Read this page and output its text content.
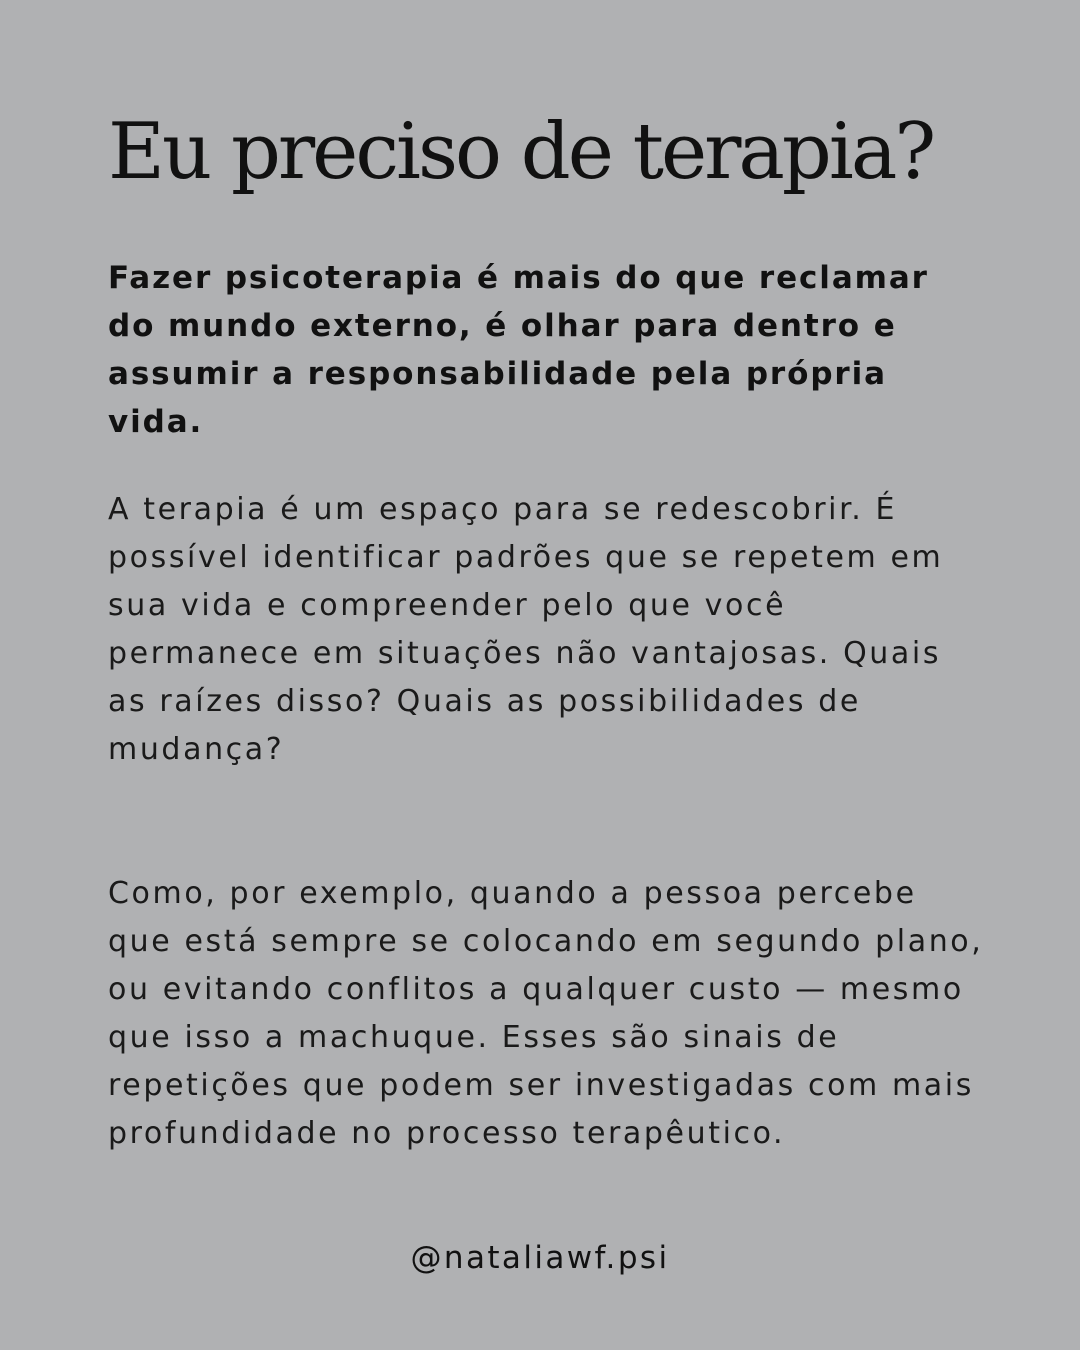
Eu preciso de terapia?

Fazer psicoterapia é mais do que reclamar do mundo externo, é olhar para dentro e assumir a responsabilidade pela própria vida.

A terapia é um espaço para se redescobrir. É possível identificar padrões que se repetem em sua vida e compreender pelo que você permanece em situações não vantajosas. Quais as raízes disso? Quais as possibilidades de mudança?

Como, por exemplo, quando a pessoa percebe que está sempre se colocando em segundo plano, ou evitando conflitos a qualquer custo — mesmo que isso a machuque. Esses são sinais de repetições que podem ser investigadas com mais profundidade no processo terapêutico.

@nataliawf.psi
